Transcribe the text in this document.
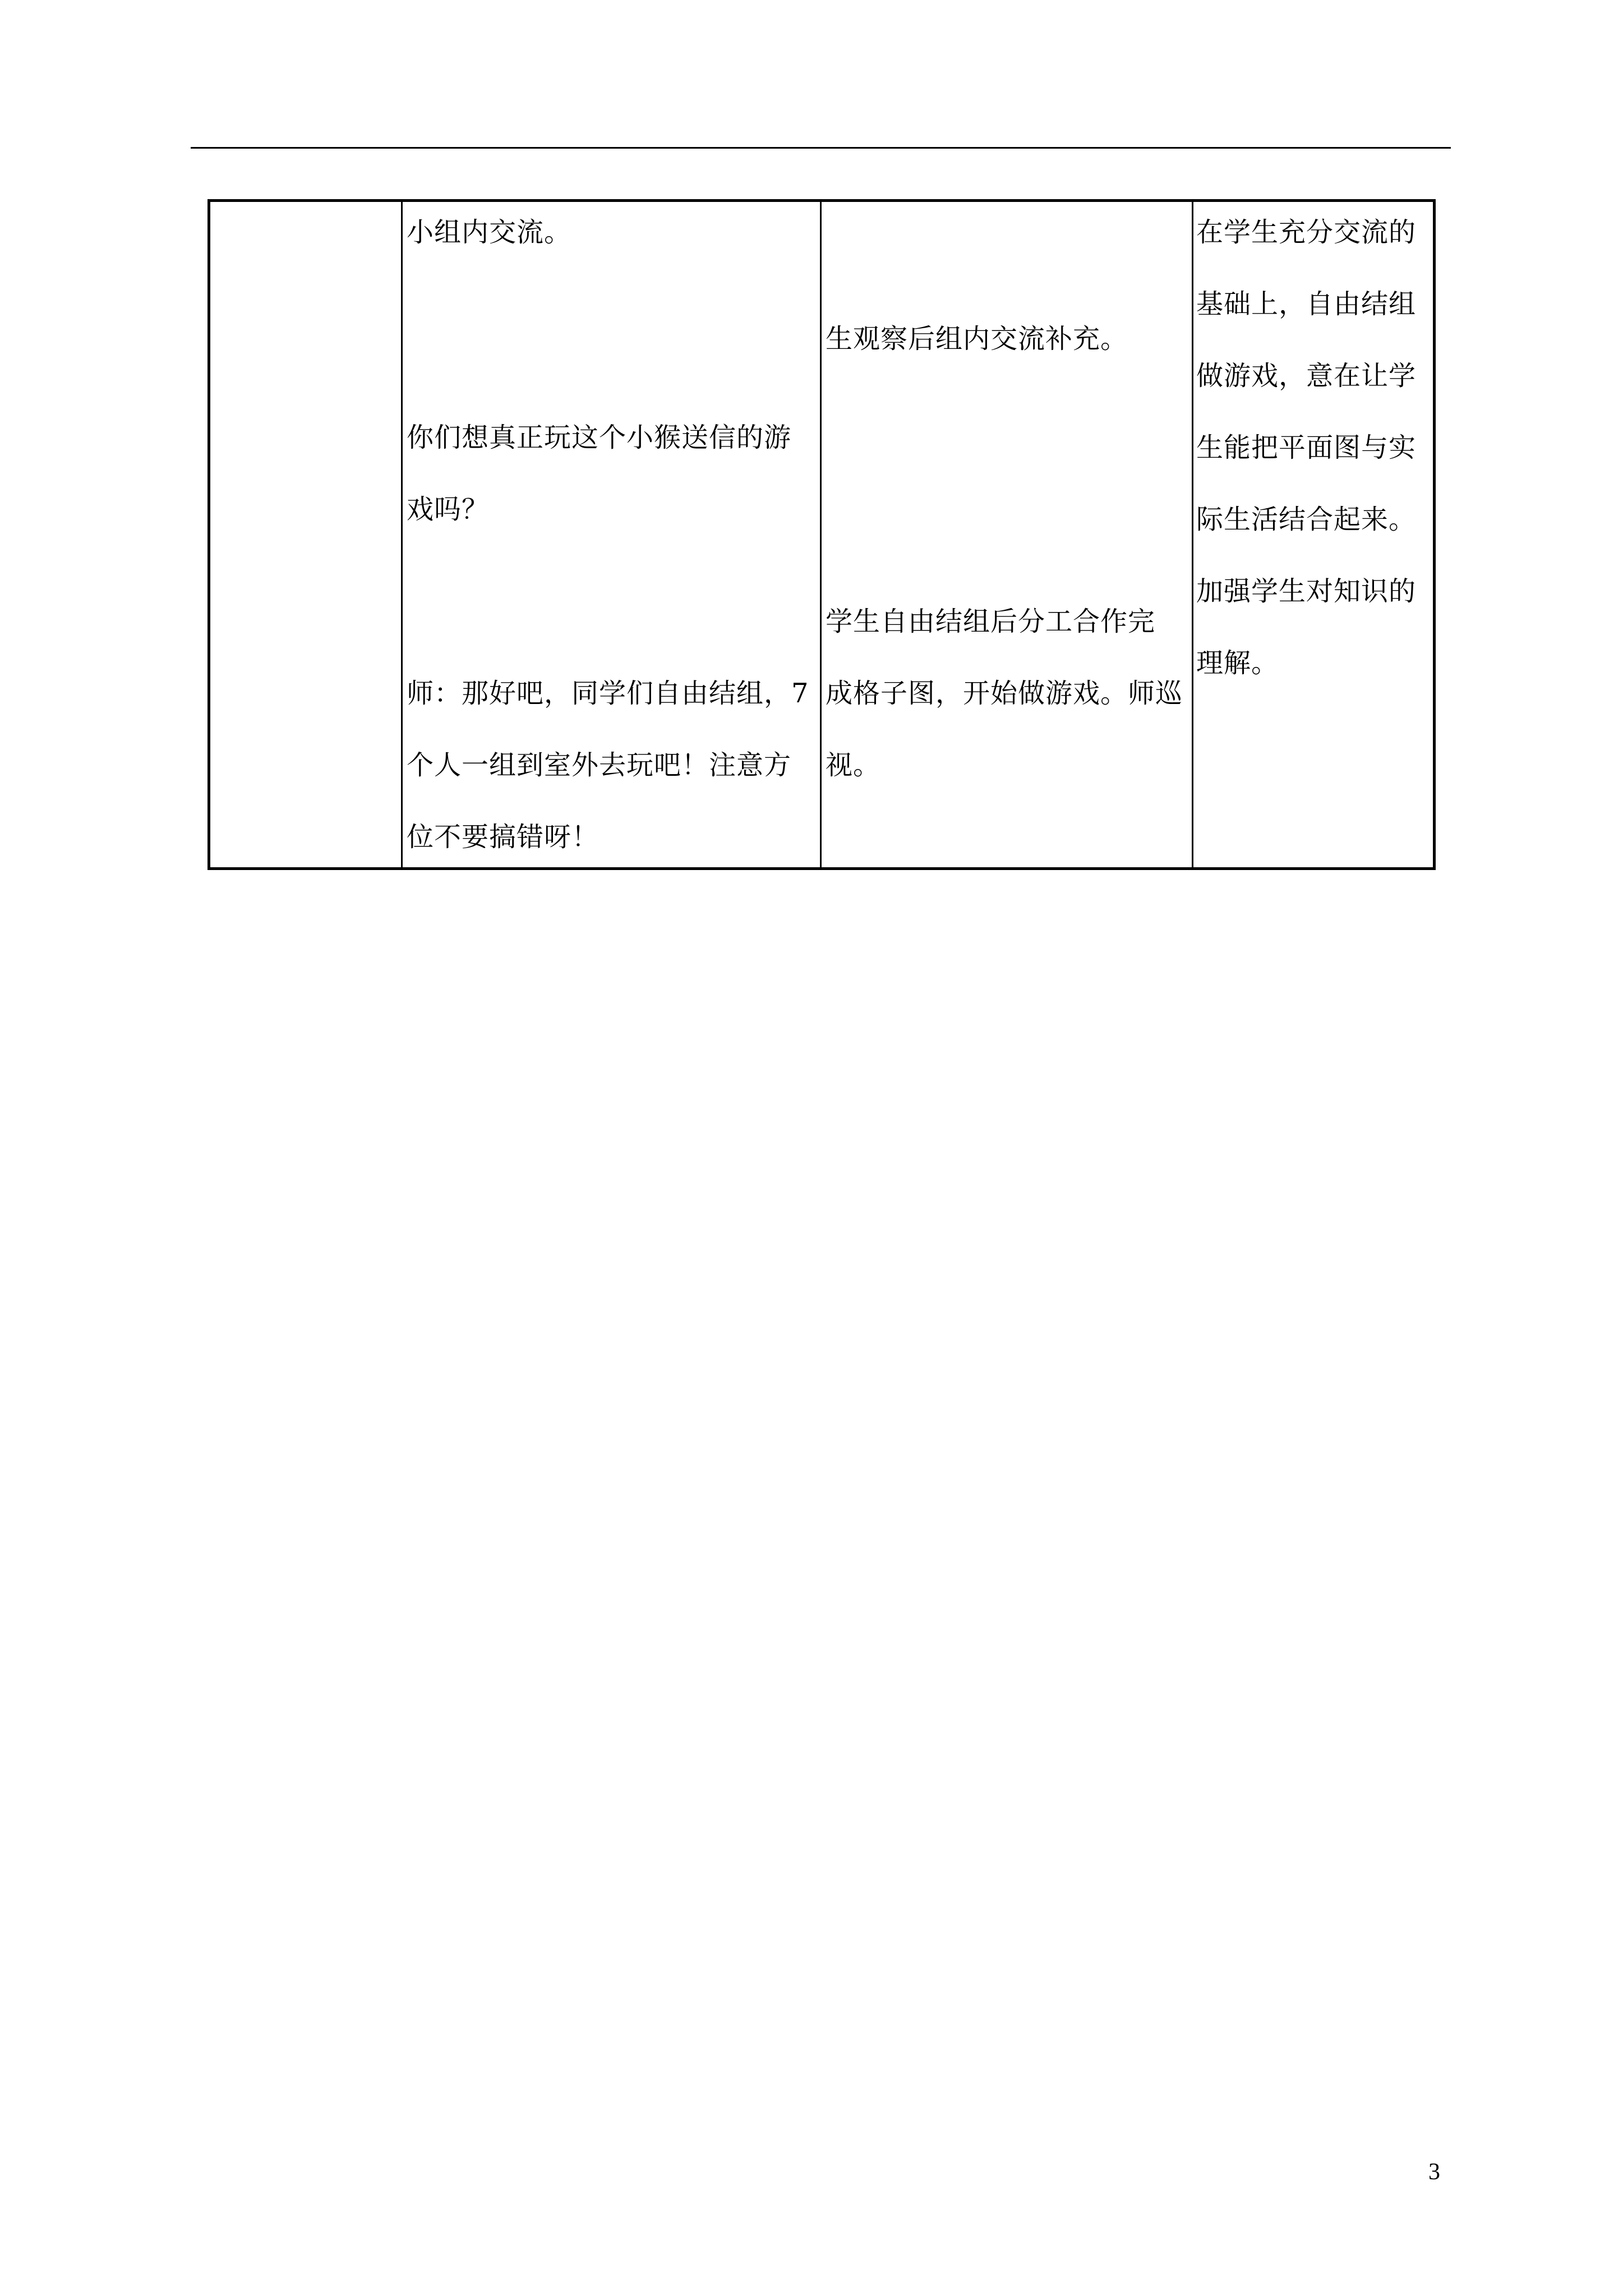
小组内交流。
你们想真正玩这个小猴送信的游
戏吗？
师：那好吧，同学们自由结组，7
个人一组到室外去玩吧！注意方
位不要搞错呀！
生观察后组内交流补充。
学生自由结组后分工合作完
成格子图，开始做游戏。师巡
视。
在学生充分交流的
基础上，自由结组
做游戏，意在让学
生能把平面图与实
际生活结合起来。
加强学生对知识的
理解。
3
